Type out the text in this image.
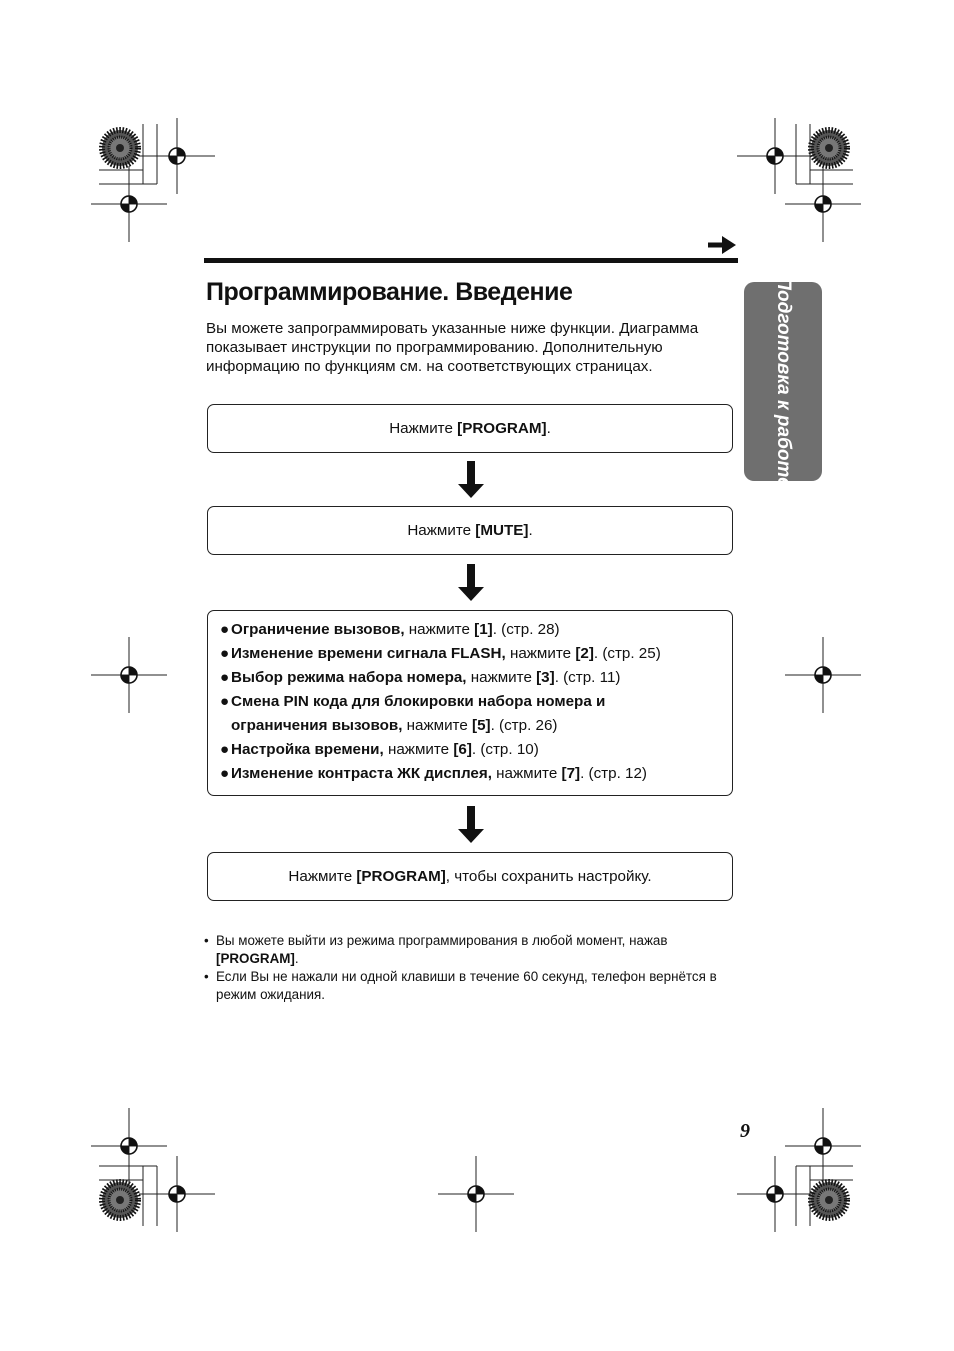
Программирование. Введение
Вы можете запрограммировать указанные ниже функции. Диаграмма показывает инструкции по программированию. Дополнительную информацию по функциям см. на соответствующих страницах.	Подготовка к работе
Нажмите [PROGRAM].
Нажмите [MUTE].
● Ограничение вызовов, нажмите [1]. (стр. 28)
● Изменение времени сигнала FLASH, нажмите [2]. (стр. 25)
● Выбор режима набора номера, нажмите [3]. (стр. 11)
● Смена PIN кода для блокировки набора номера и
ограничения вызовов, нажмите [5]. (стр. 26)
● Настройка времени, нажмите [6]. (стр. 10)
● Изменение контраста ЖК дисплея, нажмите [7]. (стр. 12)
Нажмите [PROGRAM], чтобы сохранить настройку.
• Вы можете выйти из режима программирования в любой момент, нажав [PROGRAM].
• Если Вы не нажали ни одной клавиши в течение 60 секунд, телефон вернётся в режим ожидания.
9
